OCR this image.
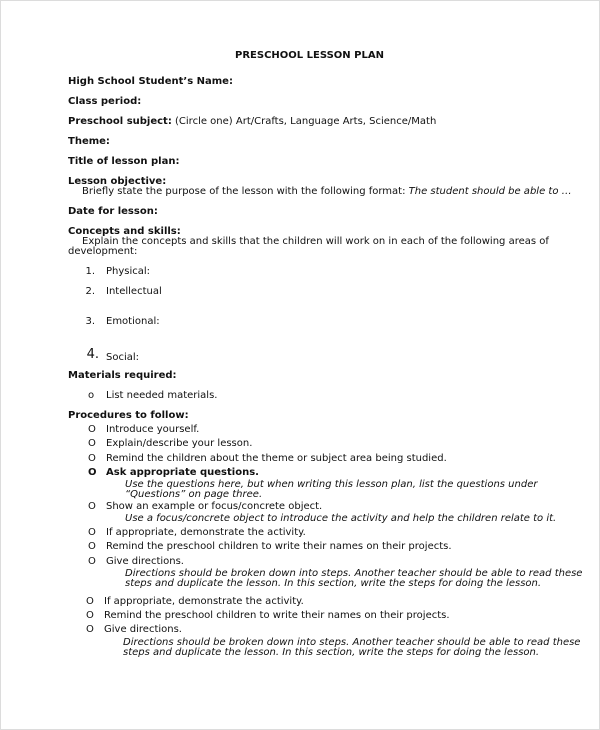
PRESCHOOL LESSON PLAN
High School Student’s Name:
Class period:
Preschool subject: (Circle one) Art/Crafts, Language Arts, Science/Math
Theme:
Title of lesson plan:
Lesson objective:
Briefly state the purpose of the lesson with the following format: The student should be able to …
Date for lesson:
Concepts and skills:
Explain the concepts and skills that the children will work on in each of the following areas of
development:
1. Physical:
2. Intellectual
3. Emotional:
4. Social:
Materials required:
o List needed materials.
Procedures to follow:
O Introduce yourself.
O Explain/describe your lesson.
O Remind the children about the theme or subject area being studied.
O Ask appropriate questions.
Use the questions here, but when writing this lesson plan, list the questions under
“Questions” on page three.
O Show an example or focus/concrete object.
Use a focus/concrete object to introduce the activity and help the children relate to it.
O If appropriate, demonstrate the activity.
O Remind the preschool children to write their names on their projects.
O Give directions.
Directions should be broken down into steps. Another teacher should be able to read these
steps and duplicate the lesson. In this section, write the steps for doing the lesson.
O If appropriate, demonstrate the activity.
O Remind the preschool children to write their names on their projects.
O Give directions.
Directions should be broken down into steps. Another teacher should be able to read these
steps and duplicate the lesson. In this section, write the steps for doing the lesson.
